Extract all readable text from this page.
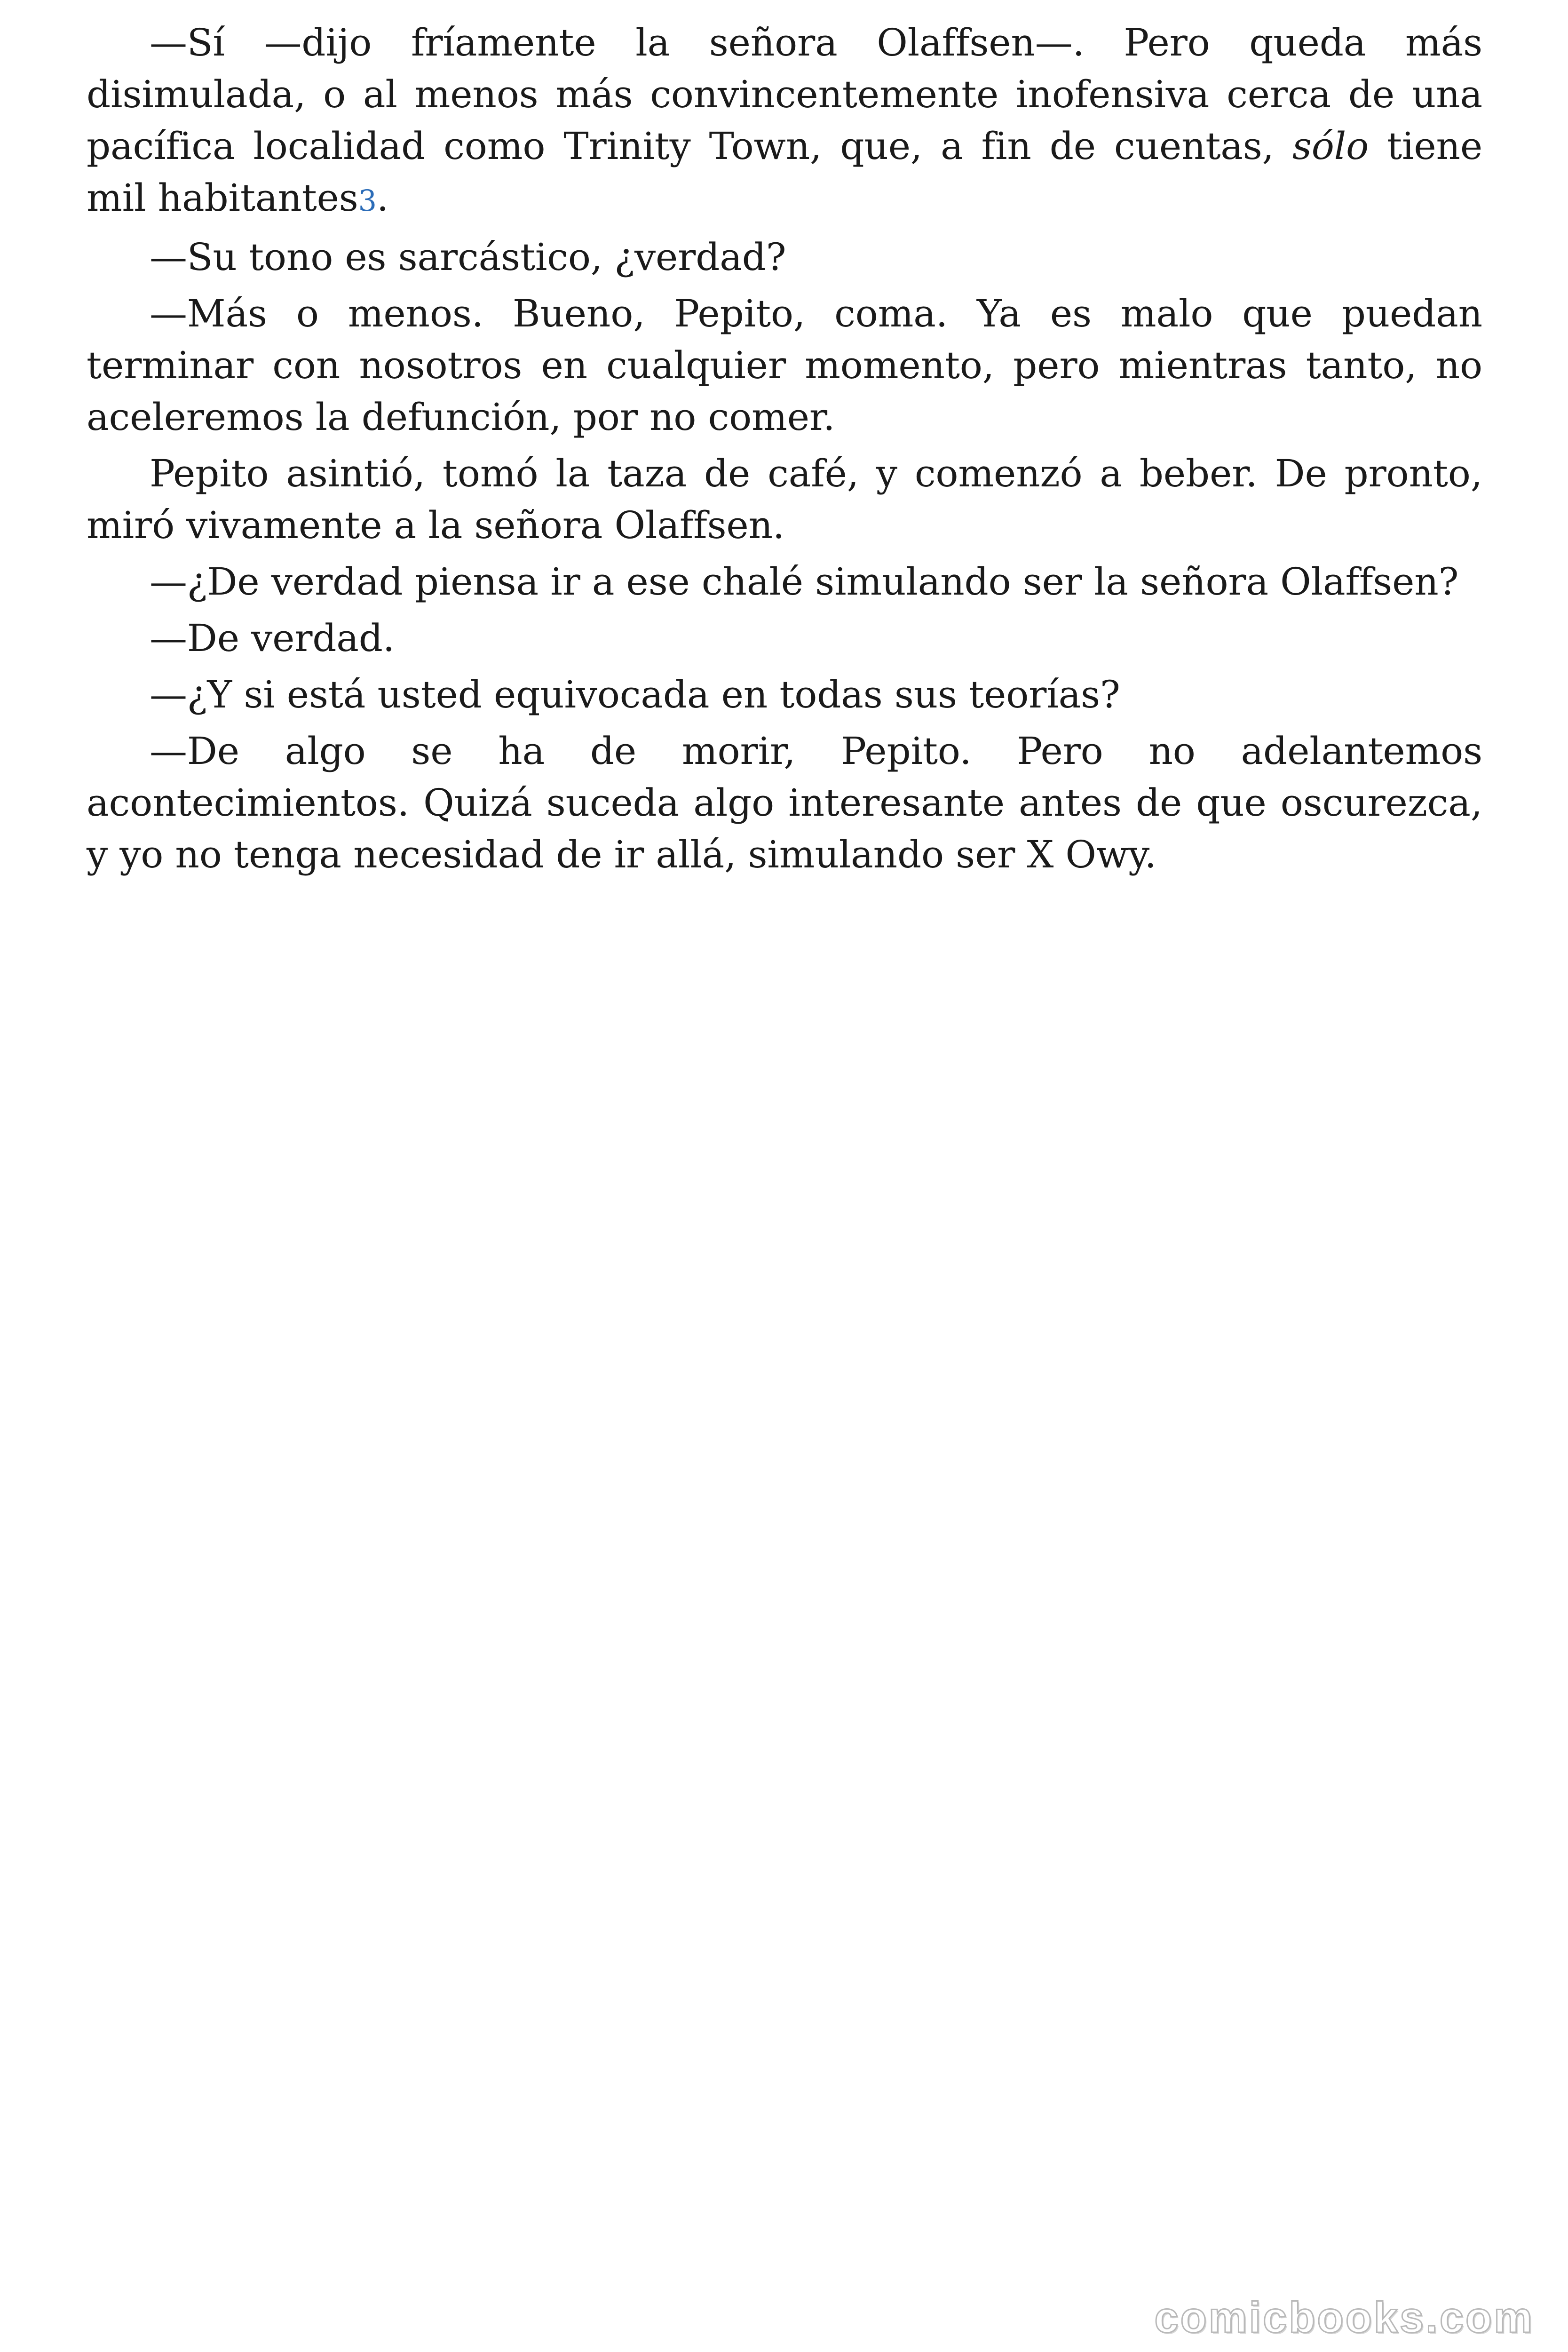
—Sí —dijo fríamente la señora Olaffsen—. Pero queda más disimulada, o al menos más convincentemente inofensiva cerca de una pacífica localidad como Trinity Town, que, a fin de cuentas, sólo tiene mil habitantes3.

—Su tono es sarcástico, ¿verdad?

—Más o menos. Bueno, Pepito, coma. Ya es malo que puedan terminar con nosotros en cualquier momento, pero mientras tanto, no aceleremos la defunción, por no comer.

Pepito asintió, tomó la taza de café, y comenzó a beber. De pronto, miró vivamente a la señora Olaffsen.

—¿De verdad piensa ir a ese chalé simulando ser la señora Olaffsen?

—De verdad.

—¿Y si está usted equivocada en todas sus teorías?

—De algo se ha de morir, Pepito. Pero no adelantemos acontecimientos. Quizá suceda algo interesante antes de que oscurezca, y yo no tenga necesidad de ir allá, simulando ser X Owy.

comicbooks.com
